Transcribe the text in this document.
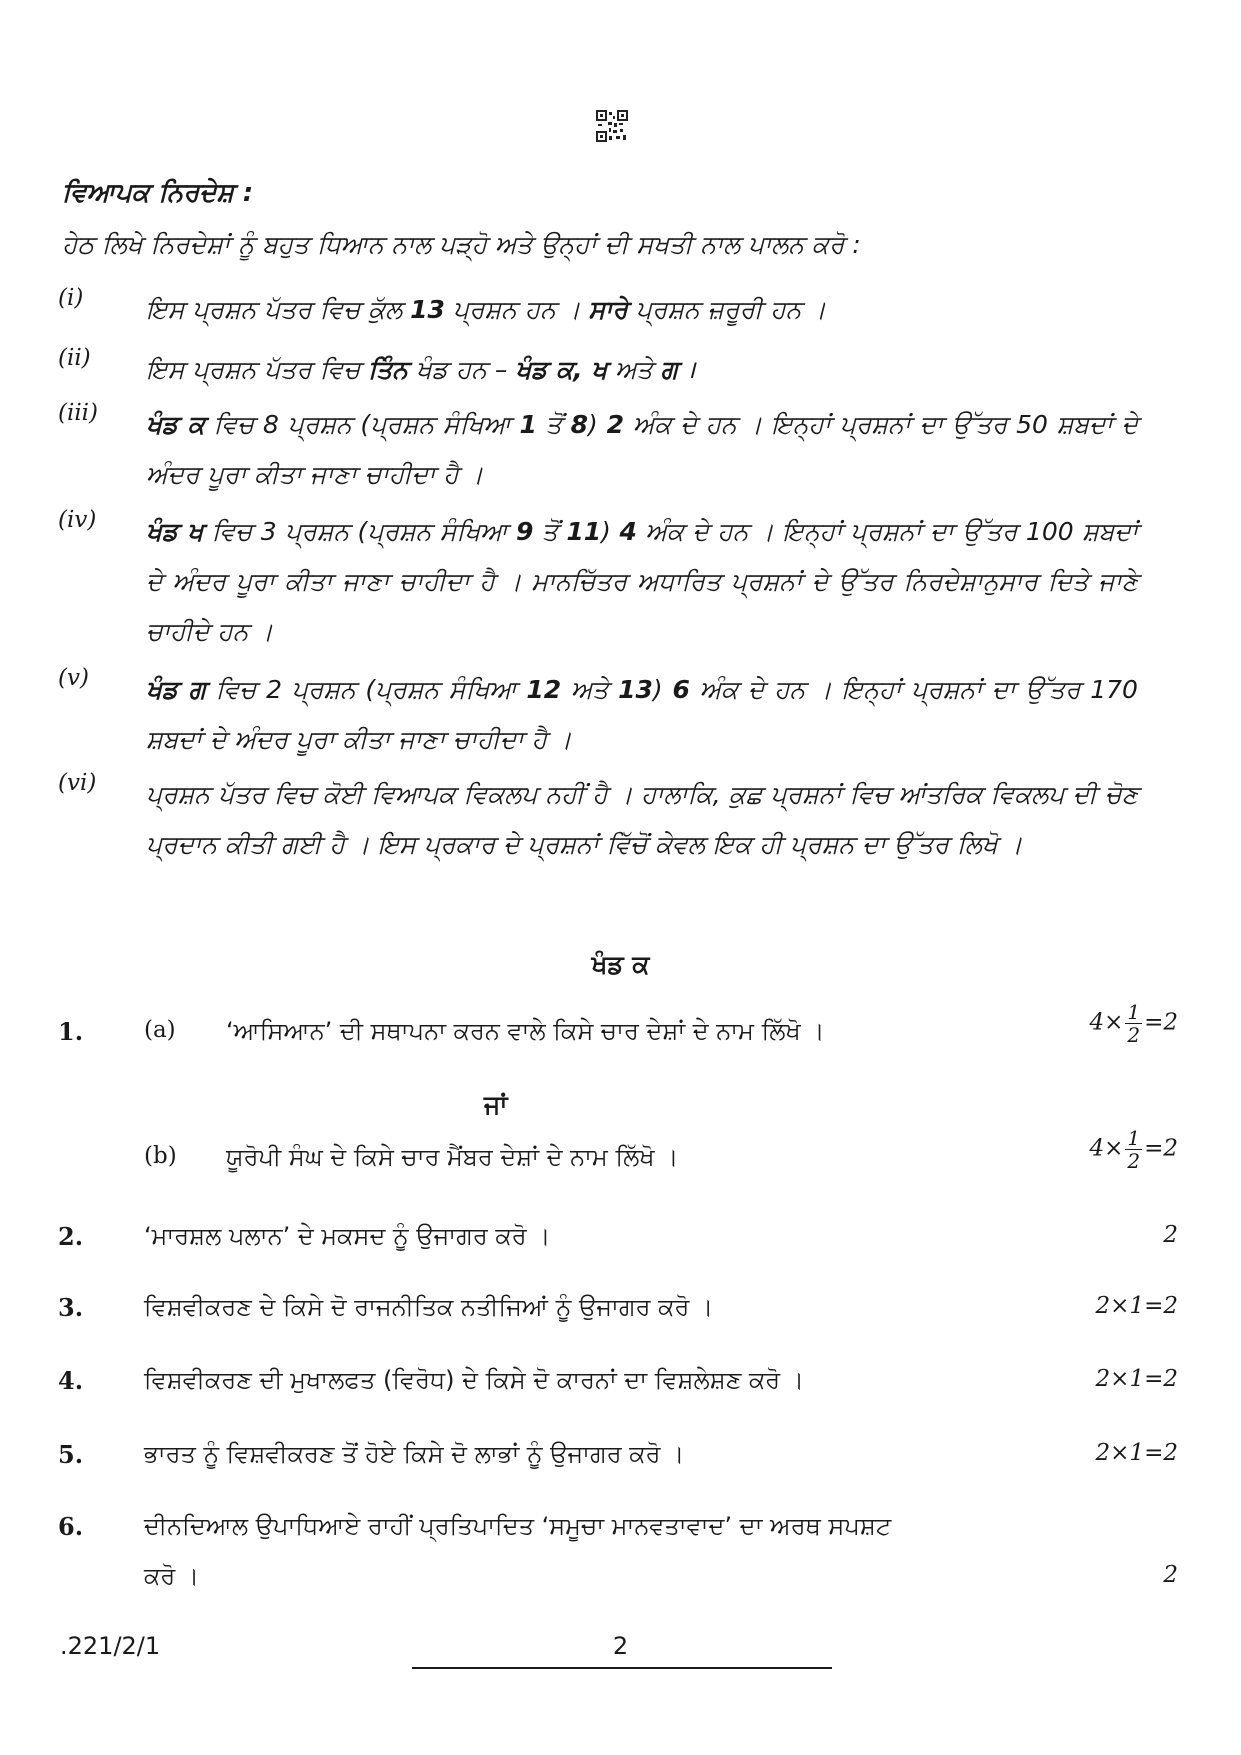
ਵਿਆਪਕ ਨਿਰਦੇਸ਼ :
ਹੇਠ ਲਿਖੇ ਨਿਰਦੇਸ਼ਾਂ ਨੂੰ ਬਹੁਤ ਧਿਆਨ ਨਾਲ ਪੜ੍ਹੋ ਅਤੇ ਉਨ੍ਹਾਂ ਦੀ ਸਖਤੀ ਨਾਲ ਪਾਲਨ ਕਰੋ :
(i)	ਇਸ ਪ੍ਰਸ਼ਨ ਪੱਤਰ ਵਿਚ ਕੁੱਲ 13 ਪ੍ਰਸ਼ਨ ਹਨ । ਸਾਰੇ ਪ੍ਰਸ਼ਨ ਜ਼ਰੂਰੀ ਹਨ ।
(ii) ਇਸ ਪ੍ਰਸ਼ਨ ਪੱਤਰ ਵਿਚ ਤਿੰਨ ਖੰਡ ਹਨ – ਖੰਡ ਕ, ਖ ਅਤੇ ਗ ।
(iii) ਖੰਡ ਕ ਵਿਚ 8 ਪ੍ਰਸ਼ਨ (ਪ੍ਰਸ਼ਨ ਸੰਖਿਆ 1 ਤੋਂ 8) 2 ਅੰਕ ਦੇ ਹਨ । ਇਨ੍ਹਾਂ ਪ੍ਰਸ਼ਨਾਂ ਦਾ ਉੱਤਰ 50 ਸ਼ਬਦਾਂ ਦੇ ਅੰਦਰ ਪੂਰਾ ਕੀਤਾ ਜਾਣਾ ਚਾਹੀਦਾ ਹੈ ।
(iv) ਖੰਡ ਖ ਵਿਚ 3 ਪ੍ਰਸ਼ਨ (ਪ੍ਰਸ਼ਨ ਸੰਖਿਆ 9 ਤੋਂ 11) 4 ਅੰਕ ਦੇ ਹਨ । ਇਨ੍ਹਾਂ ਪ੍ਰਸ਼ਨਾਂ ਦਾ ਉੱਤਰ 100 ਸ਼ਬਦਾਂ ਦੇ ਅੰਦਰ ਪੂਰਾ ਕੀਤਾ ਜਾਣਾ ਚਾਹੀਦਾ ਹੈ । ਮਾਨਚਿੱਤਰ ਅਧਾਰਿਤ ਪ੍ਰਸ਼ਨਾਂ ਦੇ ਉੱਤਰ ਨਿਰਦੇਸ਼ਾਨੁਸਾਰ ਦਿਤੇ ਜਾਣੇ ਚਾਹੀਦੇ ਹਨ ।
(v) ਖੰਡ ਗ ਵਿਚ 2 ਪ੍ਰਸ਼ਨ (ਪ੍ਰਸ਼ਨ ਸੰਖਿਆ 12 ਅਤੇ 13) 6 ਅੰਕ ਦੇ ਹਨ । ਇਨ੍ਹਾਂ ਪ੍ਰਸ਼ਨਾਂ ਦਾ ਉੱਤਰ 170 ਸ਼ਬਦਾਂ ਦੇ ਅੰਦਰ ਪੂਰਾ ਕੀਤਾ ਜਾਣਾ ਚਾਹੀਦਾ ਹੈ ।
(vi) ਪ੍ਰਸ਼ਨ ਪੱਤਰ ਵਿਚ ਕੋਈ ਵਿਆਪਕ ਵਿਕਲਪ ਨਹੀਂ ਹੈ । ਹਾਲਾਕਿ, ਕੁਛ ਪ੍ਰਸ਼ਨਾਂ ਵਿਚ ਆਂਤਰਿਕ ਵਿਕਲਪ ਦੀ ਚੋਣ ਪ੍ਰਦਾਨ ਕੀਤੀ ਗਈ ਹੈ । ਇਸ ਪ੍ਰਕਾਰ ਦੇ ਪ੍ਰਸ਼ਨਾਂ ਵਿੱਚੋਂ ਕੇਵਲ ਇਕ ਹੀ ਪ੍ਰਸ਼ਨ ਦਾ ਉੱਤਰ ਲਿਖੋ ।
ਖੰਡ ਕ
1.	(a) ‘ਆਸਿਆਨ’ ਦੀ ਸਥਾਪਨਾ ਕਰਨ ਵਾਲੇ ਕਿਸੇ ਚਾਰ ਦੇਸ਼ਾਂ ਦੇ ਨਾਮ ਲਿੱਖੋ ।	$4\times \frac{1}{2} =2$
ਜਾਂ
(b) ਯੂਰੋਪੀ ਸੰਘ ਦੇ ਕਿਸੇ ਚਾਰ ਮੈਂਬਰ ਦੇਸ਼ਾਂ ਦੇ ਨਾਮ ਲਿੱਖੋ ।	$4\times \frac{1}{2} =2$
2.	‘ਮਾਰਸ਼ਲ ਪਲਾਨ’ ਦੇ ਮਕਸਦ ਨੂੰ ਉਜਾਗਰ ਕਰੋ ।	2
3.	ਵਿਸ਼ਵੀਕਰਣ ਦੇ ਕਿਸੇ ਦੋ ਰਾਜਨੀਤਿਕ ਨਤੀਜਿਆਂ ਨੂੰ ਉਜਾਗਰ ਕਰੋ ।	2×1=2
4.	ਵਿਸ਼ਵੀਕਰਣ ਦੀ ਮੁਖਾਲਫਤ (ਵਿਰੋਧ) ਦੇ ਕਿਸੇ ਦੋ ਕਾਰਨਾਂ ਦਾ ਵਿਸ਼ਲੇਸ਼ਣ ਕਰੋ ।	2×1=2
5.	ਭਾਰਤ ਨੂੰ ਵਿਸ਼ਵੀਕਰਣ ਤੋਂ ਹੋਏ ਕਿਸੇ ਦੋ ਲਾਭਾਂ ਨੂੰ ਉਜਾਗਰ ਕਰੋ ।	2×1=2
6.	ਦੀਨਦਿਆਲ ਉਪਾਧਿਆਏ ਰਾਹੀਂ ਪ੍ਰਤਿਪਾਦਿਤ ‘ਸਮੂਚਾ ਮਾਨਵਤਾਵਾਦ’ ਦਾ ਅਰਥ ਸਪਸ਼ਟ
ਕਰੋ ।	2
.221/2/1	2
